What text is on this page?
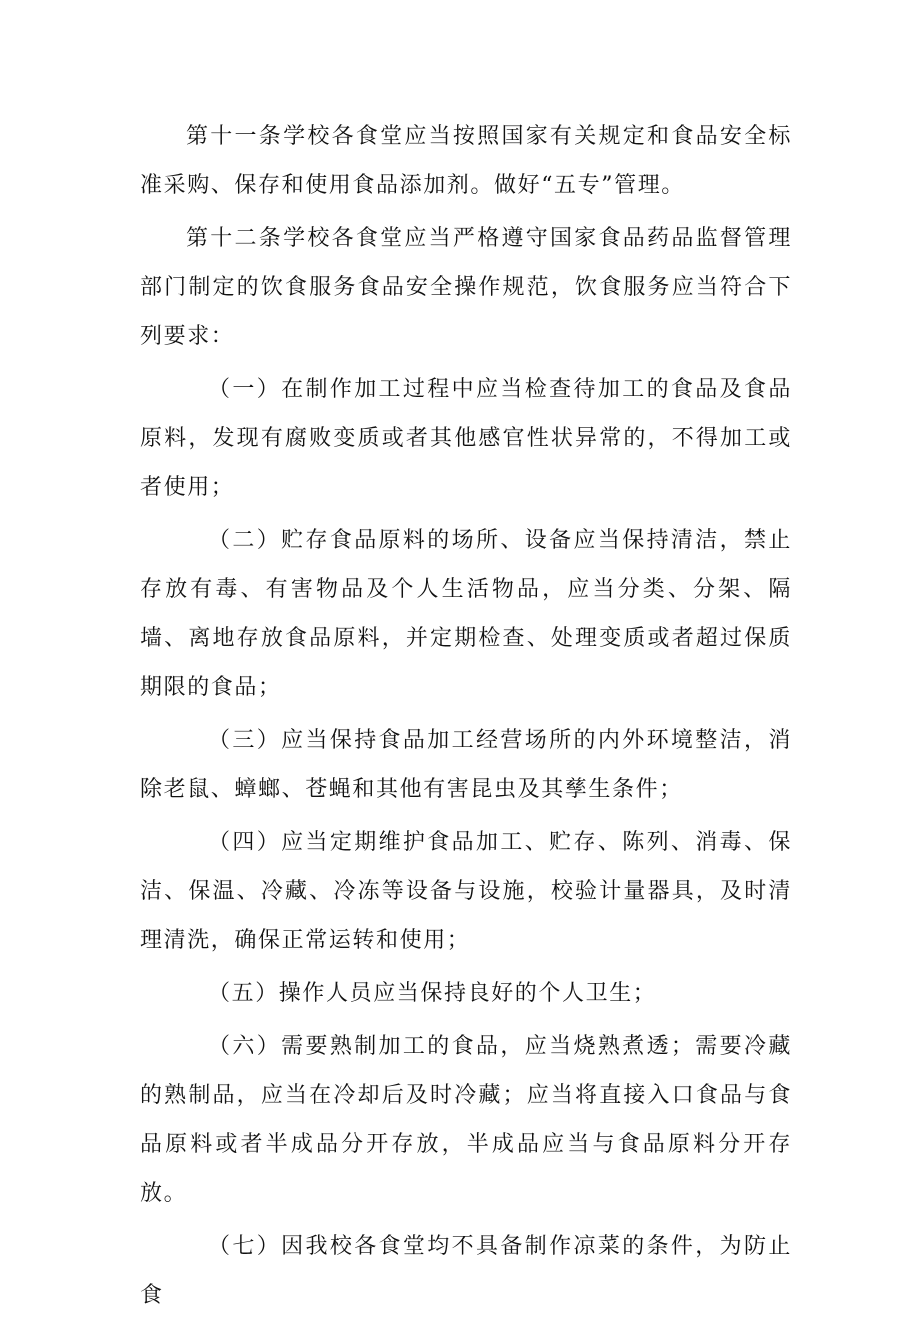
第十一条学校各食堂应当按照国家有关规定和食品安全标准采购、保存和使用食品添加剂。做好“五专”管理。

第十二条学校各食堂应当严格遵守国家食品药品监督管理部门制定的饮食服务食品安全操作规范，饮食服务应当符合下列要求：

（一）在制作加工过程中应当检查待加工的食品及食品原料，发现有腐败变质或者其他感官性状异常的，不得加工或者使用；

（二）贮存食品原料的场所、设备应当保持清洁，禁止存放有毒、有害物品及个人生活物品，应当分类、分架、隔墙、离地存放食品原料，并定期检查、处理变质或者超过保质期限的食品；

（三）应当保持食品加工经营场所的内外环境整洁，消除老鼠、蟑螂、苍蝇和其他有害昆虫及其孳生条件；

（四）应当定期维护食品加工、贮存、陈列、消毒、保洁、保温、冷藏、冷冻等设备与设施，校验计量器具，及时清理清洗，确保正常运转和使用；

（五）操作人员应当保持良好的个人卫生；

（六）需要熟制加工的食品，应当烧熟煮透；需要冷藏的熟制品，应当在冷却后及时冷藏；应当将直接入口食品与食品原料或者半成品分开存放，半成品应当与食品原料分开存放。

（七）因我校各食堂均不具备制作凉菜的条件，为防止食
